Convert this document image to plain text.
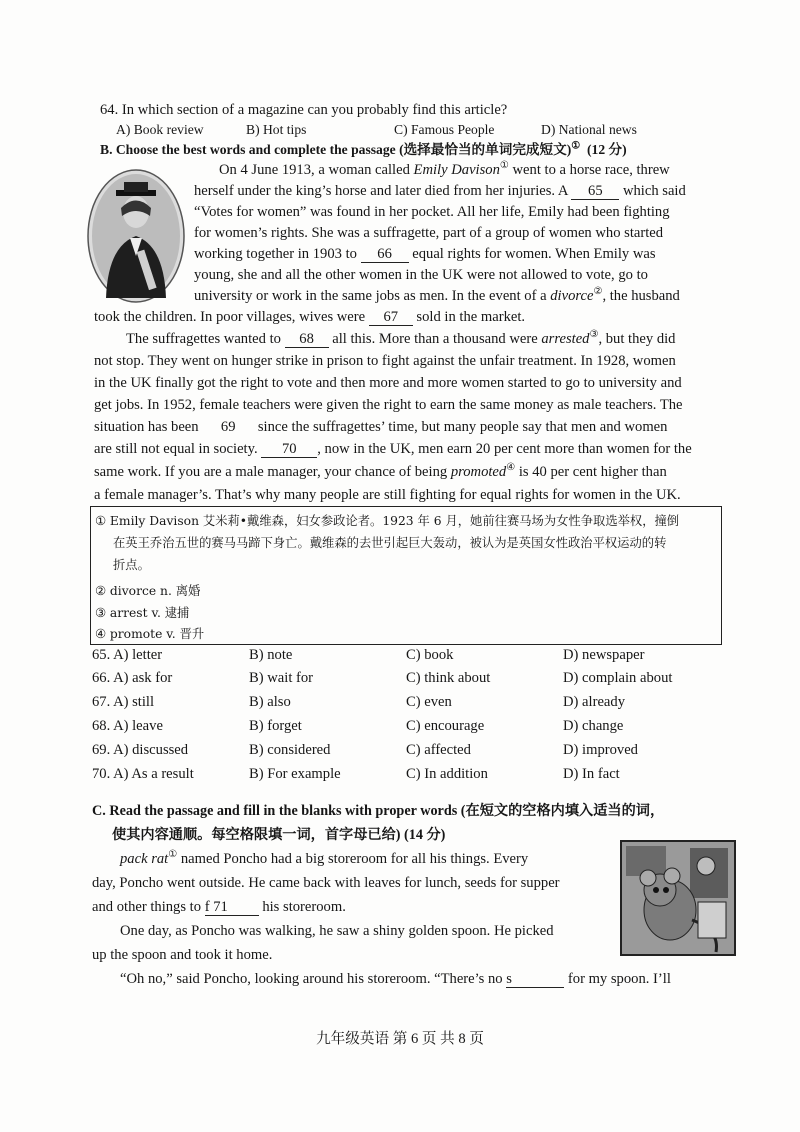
64. In which section of a magazine can you probably find this article?
A) Book review	B) Hot tips	C) Famous People	D) National news
B. Choose the best words and complete the passage (选择最恰当的单词完成短文)① (12 分)
On 4 June 1913, a woman called Emily Davison① went to a horse race, threw
herself under the king’s horse and later died from her injuries. A 65 which said
“Votes for women” was found in her pocket. All her life, Emily had been fighting
for women’s rights. She was a suffragette, part of a group of women who started
working together in 1903 to 66 equal rights for women. When Emily was
young, she and all the other women in the UK were not allowed to vote, go to
university or work in the same jobs as men. In the event of a divorce②, the husband
took the children. In poor villages, wives were 67 sold in the market.
The suffragettes wanted to 68 all this. More than a thousand were arrested③, but they did
not stop. They went on hunger strike in prison to fight against the unfair treatment. In 1928, women
in the UK finally got the right to vote and then more and more women started to go to university and
get jobs. In 1952, female teachers were given the right to earn the same money as male teachers. The
situation has been 69 since the suffragettes’ time, but many people say that men and women
are still not equal in society. 70 , now in the UK, men earn 20 per cent more than women for the
same work. If you are a male manager, your chance of being promoted④ is 40 per cent higher than
a female manager’s. That’s why many people are still fighting for equal rights for women in the UK.
① Emily Davison 艾米莉•戴维森，妇女参政论者。1923 年 6 月，她前往赛马场为女性争取选举权，撞倒
在英王乔治五世的赛马马蹄下身亡。戴维森的去世引起巨大轰动，被认为是英国女性政治平权运动的转
折点。
② divorce n. 离婚
③ arrest v. 逮捕
④ promote v. 晋升
65. A) letter	B) note	C) book	D) newspaper
66. A) ask for	B) wait for	C) think about	D) complain about
67. A) still	B) also	C) even	D) already
68. A) leave	B) forget	C) encourage	D) change
69. A) discussed	B) considered	C) affected	D) improved
70. A) As a result	B) For example	C) In addition	D) In fact
C. Read the passage and fill in the blanks with proper words (在短文的空格内填入适当的词，
使其内容通顺。每空格限填一词，首字母已给) (14 分)
pack rat① named Poncho had a big storeroom for all his things. Every
day, Poncho went outside. He came back with leaves for lunch, seeds for supper
and other things to f 71 his storeroom.
One day, as Poncho was walking, he saw a shiny golden spoon. He picked
up the spoon and took it home.
“Oh no,” said Poncho, looking around his storeroom. “There’s no s	for my spoon. I’ll
九年级英语 第 6 页 共 8 页
